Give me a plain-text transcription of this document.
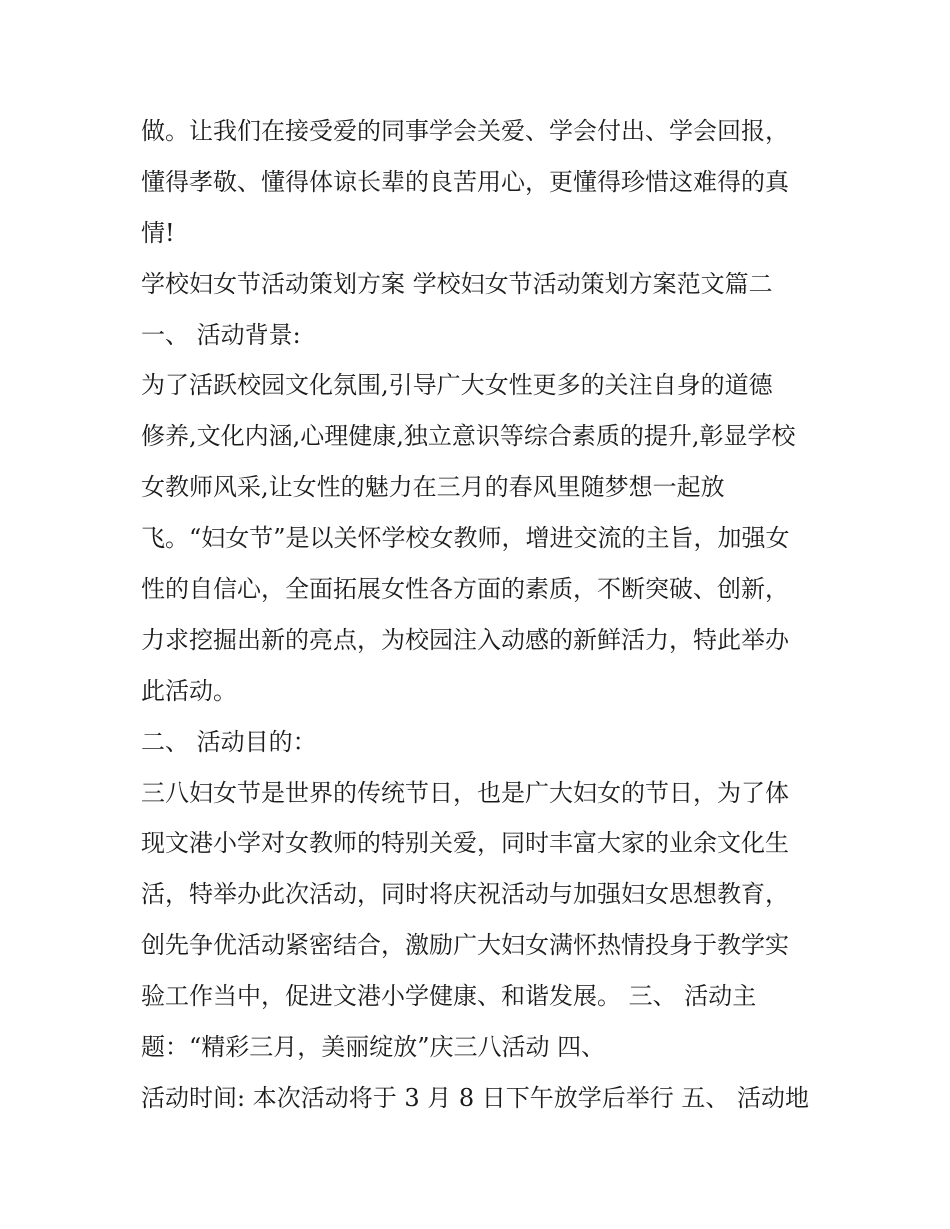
做。让我们在接受爱的同事学会关爱、学会付出、学会回报，
懂得孝敬、懂得体谅长辈的良苦用心，更懂得珍惜这难得的真
情!
学校妇女节活动策划方案 学校妇女节活动策划方案范文篇二
一、 活动背景:
为了活跃校园文化氛围,引导广大女性更多的关注自身的道德
修养,文化内涵,心理健康,独立意识等综合素质的提升,彰显学校
女教师风采,让女性的魅力在三月的春风里随梦想一起放
飞。“妇女节”是以关怀学校女教师，增进交流的主旨，加强女
性的自信心，全面拓展女性各方面的素质，不断突破、创新，
力求挖掘出新的亮点，为校园注入动感的新鲜活力，特此举办
此活动。
二、 活动目的：
三八妇女节是世界的传统节日，也是广大妇女的节日，为了体
现文港小学对女教师的特别关爱，同时丰富大家的业余文化生
活，特举办此次活动，同时将庆祝活动与加强妇女思想教育，
创先争优活动紧密结合，激励广大妇女满怀热情投身于教学实
验工作当中，促进文港小学健康、和谐发展。 三、 活动主
题：“精彩三月，美丽绽放”庆三八活动 四、
活动时间: 本次活动将于 3 月 8 日下午放学后举行 五、 活动地
